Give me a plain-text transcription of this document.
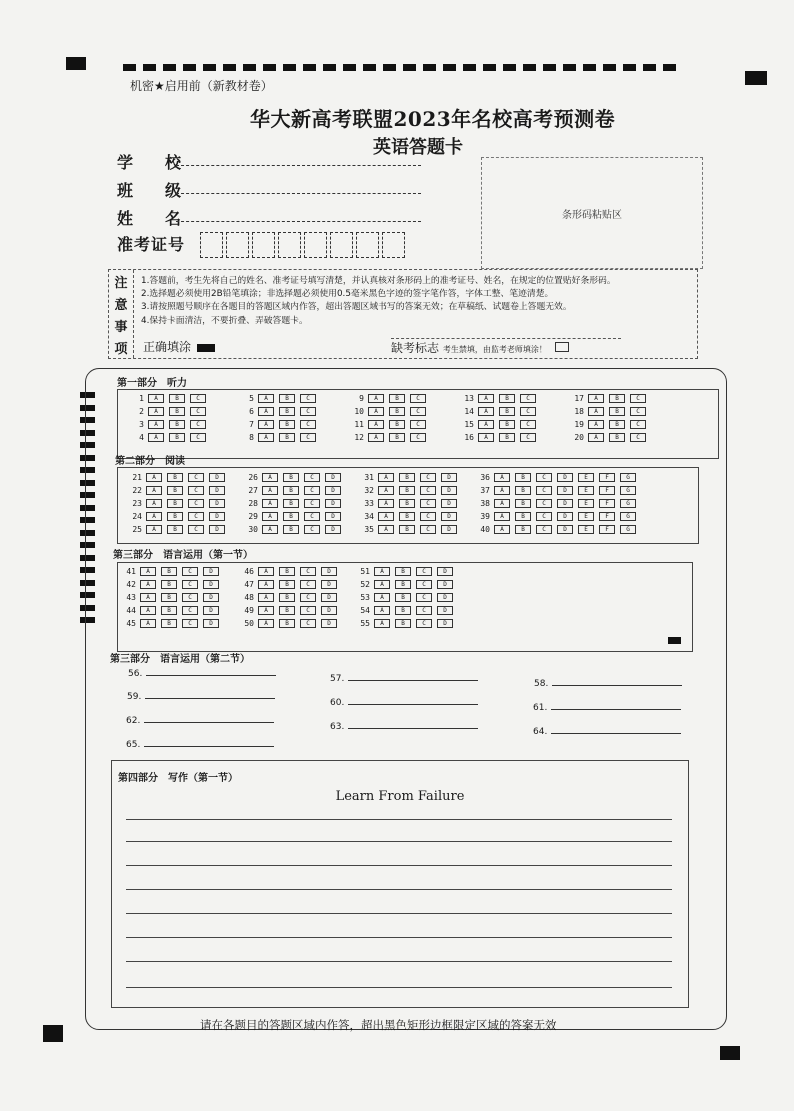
机密★启用前（新教材卷）
华大新高考联盟2023年名校高考预测卷
英语答题卡
学　校
班　级
姓　名
准考证号
条形码粘贴区
注
意
事
项
1.答题前，考生先将自己的姓名、准考证号填写清楚，并认真核对条形码上的准考证号、姓名，在规定的位置贴好条形码。
2.选择题必须使用2B铅笔填涂；非选择题必须使用0.5毫米黑色字迹的签字笔作答，字体工整、笔迹清楚。
3.请按照题号顺序在各题目的答题区域内作答，超出答题区域书写的答案无效；在草稿纸、试题卷上答题无效。
4.保持卡面清洁，不要折叠、弄破答题卡。
正确填涂	缺考标志 考生禁填，由监考老师填涂！
第一部分　听力
1	A	B	C
2	A	B	C
3	A	B	C
4	A	B	C
5	A	B	C
6	A	B	C
7	A	B	C
8	A	B	C
9	A	B	C
10	A	B	C
11	A	B	C
12	A	B	C
13	A	B	C
14	A	B	C
15	A	B	C
16	A	B	C
17	A	B	C
18	A	B	C
19	A	B	C
20	A	B	C
第二部分　阅读
21	A	B	C	D
22	A	B	C	D
23	A	B	C	D
24	A	B	C	D
25	A	B	C	D
26	A	B	C	D
27	A	B	C	D
28	A	B	C	D
29	A	B	C	D
30	A	B	C	D
31	A	B	C	D
32	A	B	C	D
33	A	B	C	D
34	A	B	C	D
35	A	B	C	D
36	A	B	C	D	E	F	G
37	A	B	C	D	E	F	G
38	A	B	C	D	E	F	G
39	A	B	C	D	E	F	G
40	A	B	C	D	E	F	G
第三部分　语言运用（第一节）
41	A	B	C	D
42	A	B	C	D
43	A	B	C	D
44	A	B	C	D
45	A	B	C	D
46	A	B	C	D
47	A	B	C	D
48	A	B	C	D
49	A	B	C	D
50	A	B	C	D
51	A	B	C	D
52	A	B	C	D
53	A	B	C	D
54	A	B	C	D
55	A	B	C	D
第三部分　语言运用（第二节）
56.	57.	58.
59.
60.	61.
62.
63.	64.
65.
第四部分　写作（第一节）
Learn From Failure
请在各题目的答题区域内作答，超出黑色矩形边框限定区域的答案无效
